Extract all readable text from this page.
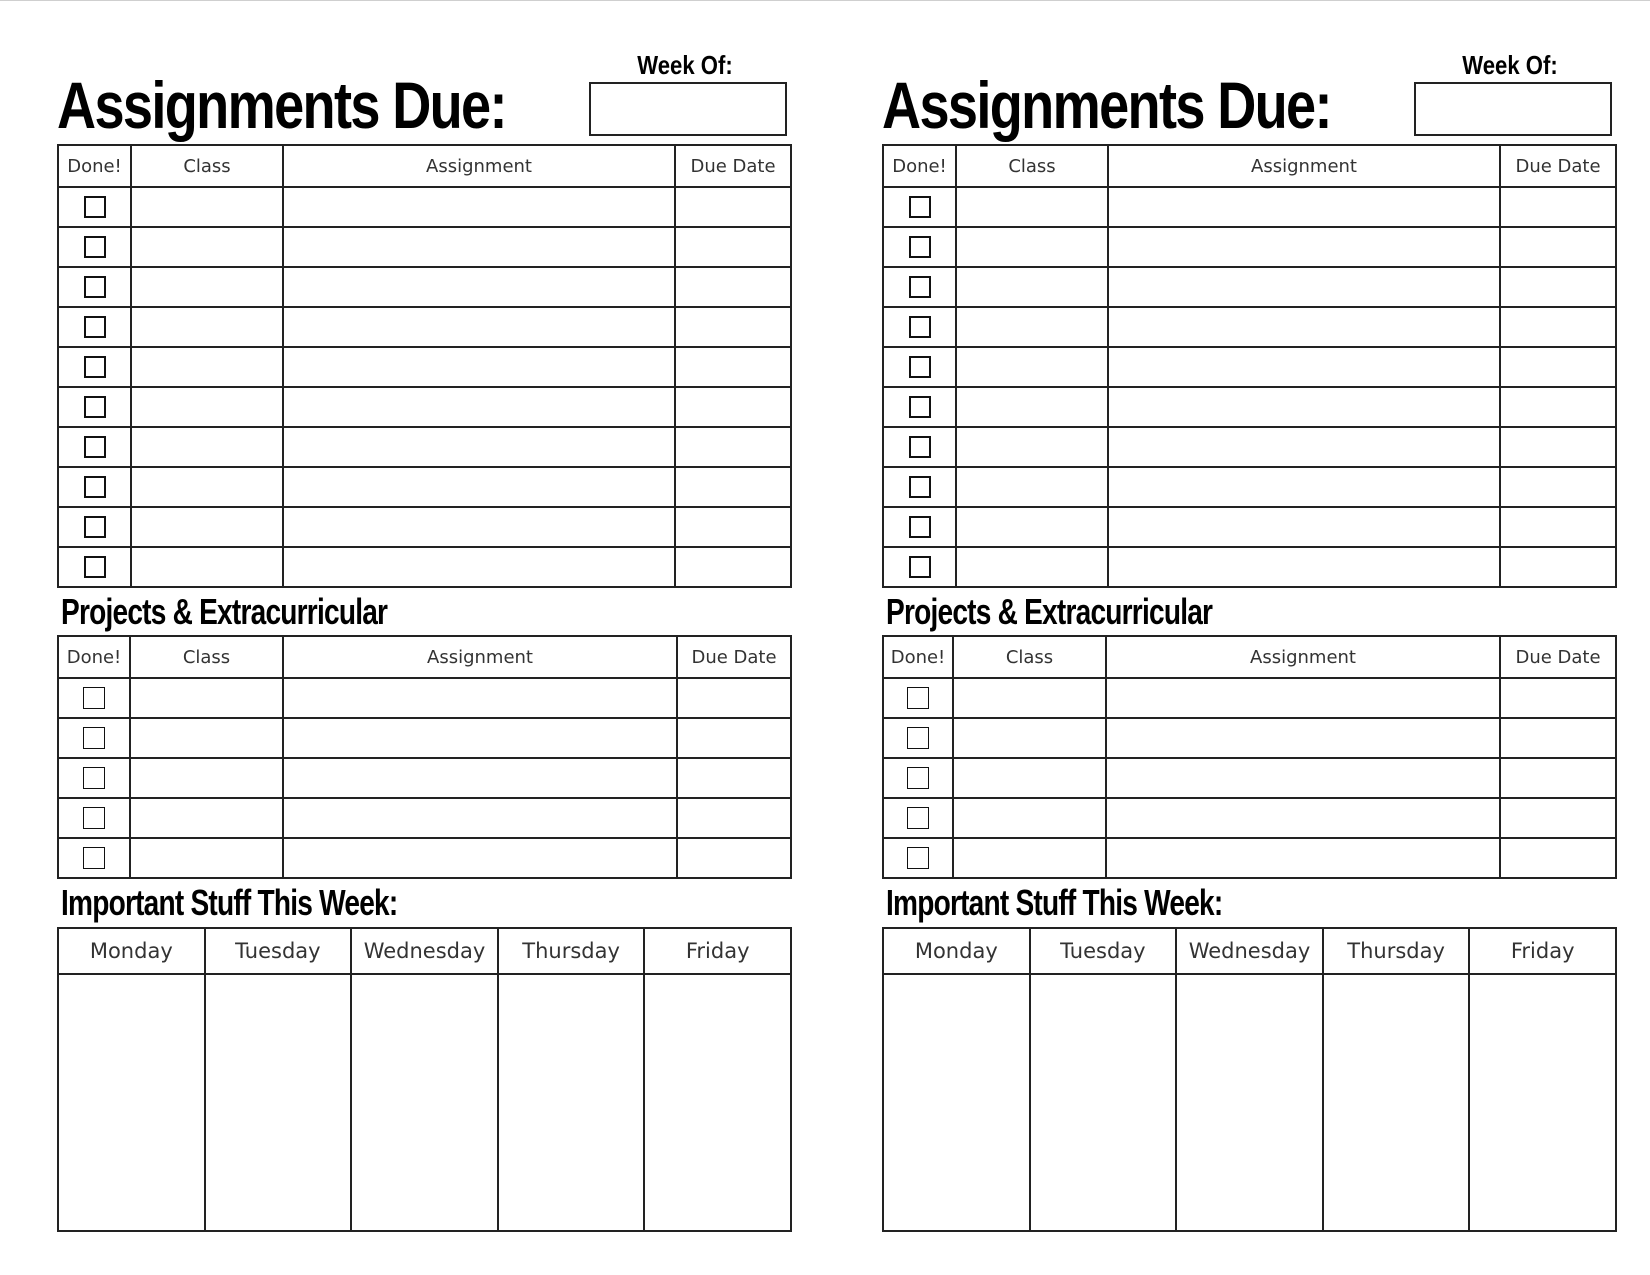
Assignments Due:
Week Of:
Done!	Class	Assignment	Due Date

Projects & Extracurricular
Done!	Class	Assignment	Due Date

Important Stuff This Week:
Monday	Tuesday	Wednesday	Thursday	Friday

Assignments Due:
Week Of:
Done!	Class	Assignment	Due Date

Projects & Extracurricular
Done!	Class	Assignment	Due Date

Important Stuff This Week:
Monday	Tuesday	Wednesday	Thursday	Friday
